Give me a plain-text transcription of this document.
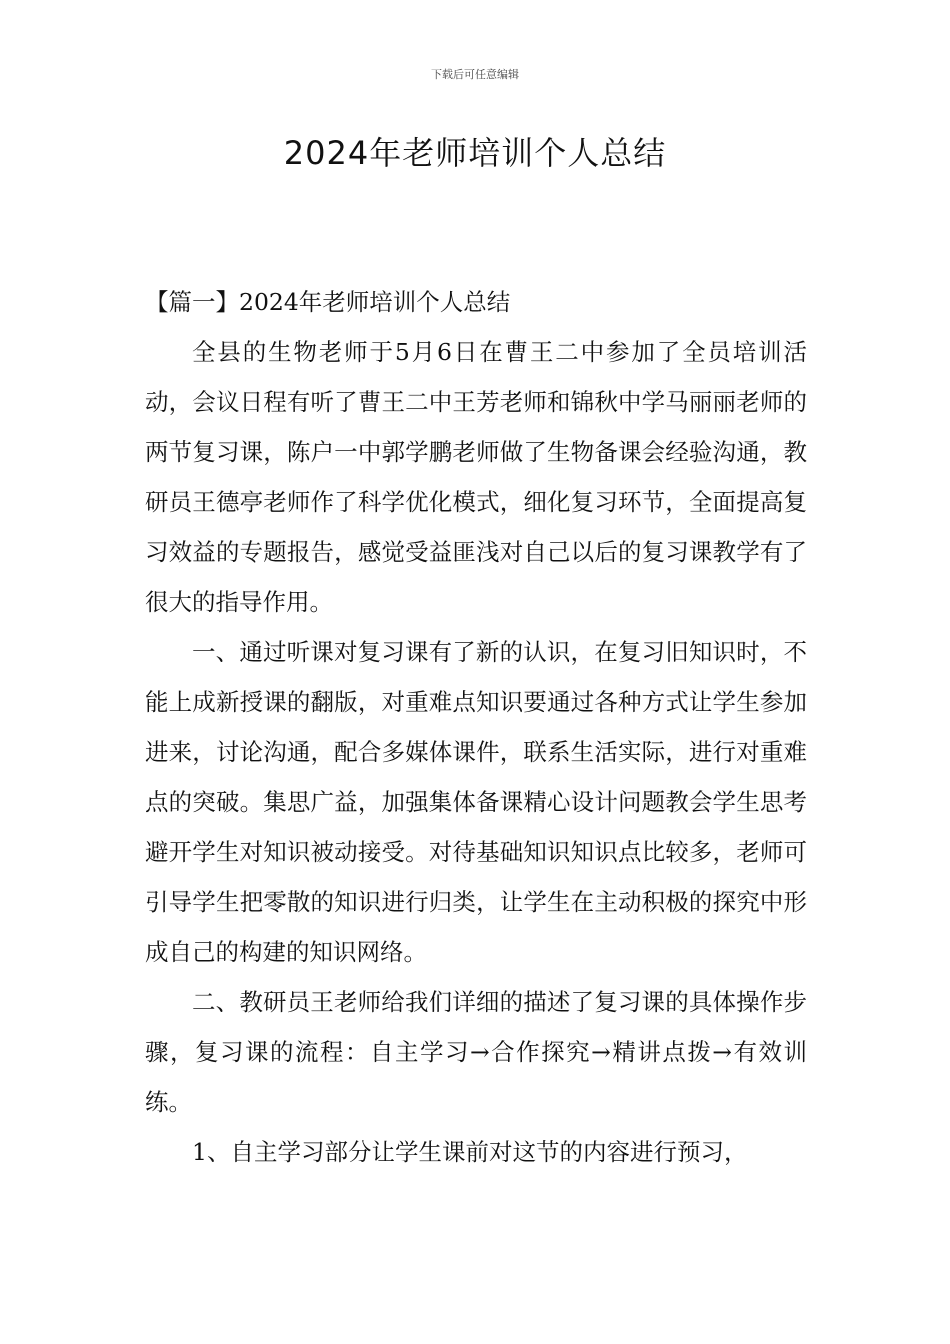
下载后可任意编辑
2024年老师培训个人总结

【篇一】2024年老师培训个人总结

全县的生物老师于5月6日在曹王二中参加了全员培训活动，会议日程有听了曹王二中王芳老师和锦秋中学马丽丽老师的两节复习课，陈户一中郭学鹏老师做了生物备课会经验沟通，教研员王德亭老师作了科学优化模式，细化复习环节，全面提高复习效益的专题报告，感觉受益匪浅对自己以后的复习课教学有了很大的指导作用。

一、通过听课对复习课有了新的认识，在复习旧知识时，不能上成新授课的翻版，对重难点知识要通过各种方式让学生参加进来，讨论沟通，配合多媒体课件，联系生活实际，进行对重难点的突破。集思广益，加强集体备课精心设计问题教会学生思考避开学生对知识被动接受。对待基础知识知识点比较多，老师可引导学生把零散的知识进行归类，让学生在主动积极的探究中形成自己的构建的知识网络。

二、教研员王老师给我们详细的描述了复习课的具体操作步骤，复习课的流程：自主学习→合作探究→精讲点拨→有效训练。

1、自主学习部分让学生课前对这节的内容进行预习，
